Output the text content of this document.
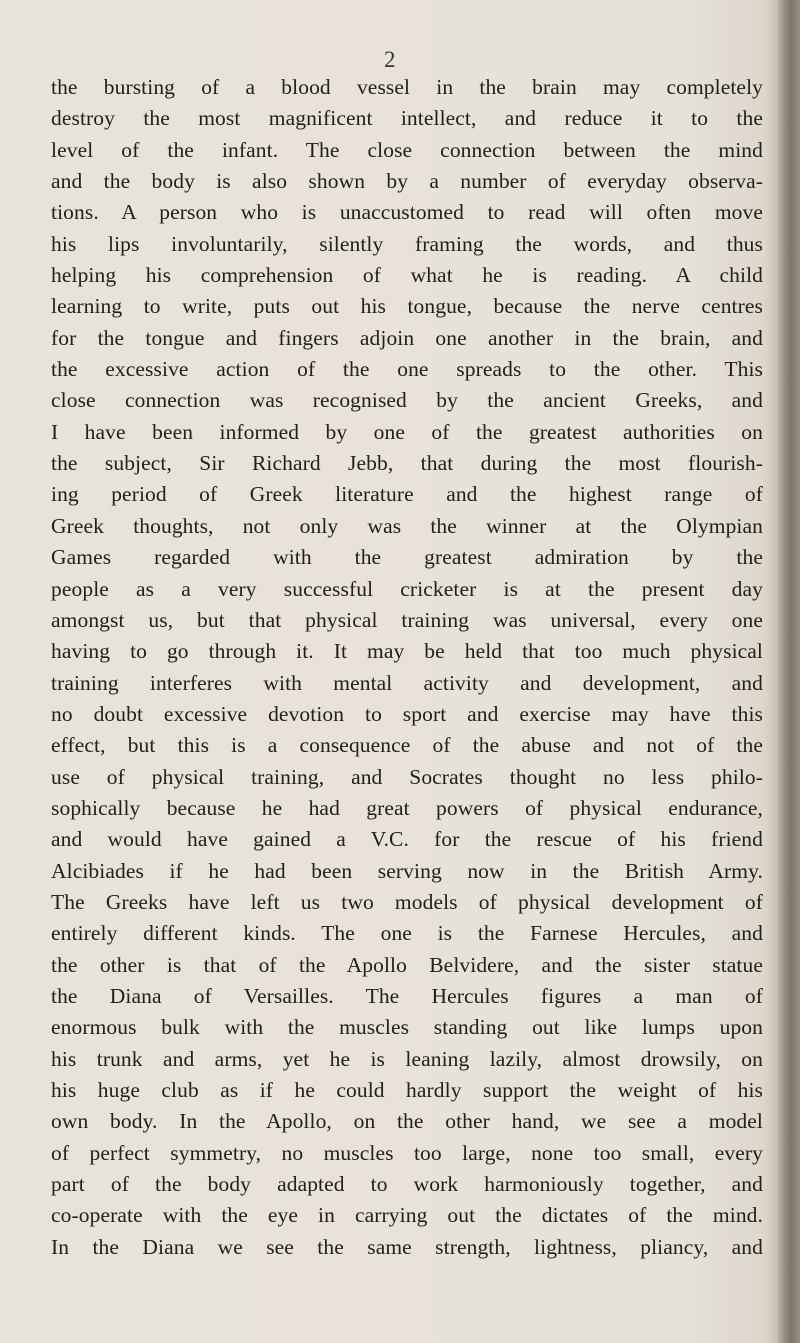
2
the bursting of a blood vessel in the brain may completely
destroy the most magnificent intellect, and reduce it to the
level of the infant. The close connection between the mind
and the body is also shown by a number of everyday observa-
tions. A person who is unaccustomed to read will often move
his lips involuntarily, silently framing the words, and thus
helping his comprehension of what he is reading. A child
learning to write, puts out his tongue, because the nerve centres
for the tongue and fingers adjoin one another in the brain, and
the excessive action of the one spreads to the other. This
close connection was recognised by the ancient Greeks, and
I have been informed by one of the greatest authorities on
the subject, Sir Richard Jebb, that during the most flourish-
ing period of Greek literature and the highest range of
Greek thoughts, not only was the winner at the Olympian
Games regarded with the greatest admiration by the
people as a very successful cricketer is at the present day
amongst us, but that physical training was universal, every one
having to go through it. It may be held that too much physical
training interferes with mental activity and development, and
no doubt excessive devotion to sport and exercise may have this
effect, but this is a consequence of the abuse and not of the
use of physical training, and Socrates thought no less philo-
sophically because he had great powers of physical endurance,
and would have gained a V.C. for the rescue of his friend
Alcibiades if he had been serving now in the British Army.
The Greeks have left us two models of physical development of
entirely different kinds. The one is the Farnese Hercules, and
the other is that of the Apollo Belvidere, and the sister statue
the Diana of Versailles. The Hercules figures a man of
enormous bulk with the muscles standing out like lumps upon
his trunk and arms, yet he is leaning lazily, almost drowsily, on
his huge club as if he could hardly support the weight of his
own body. In the Apollo, on the other hand, we see a model
of perfect symmetry, no muscles too large, none too small, every
part of the body adapted to work harmoniously together, and
co-operate with the eye in carrying out the dictates of the mind.
In the Diana we see the same strength, lightness, pliancy, and
